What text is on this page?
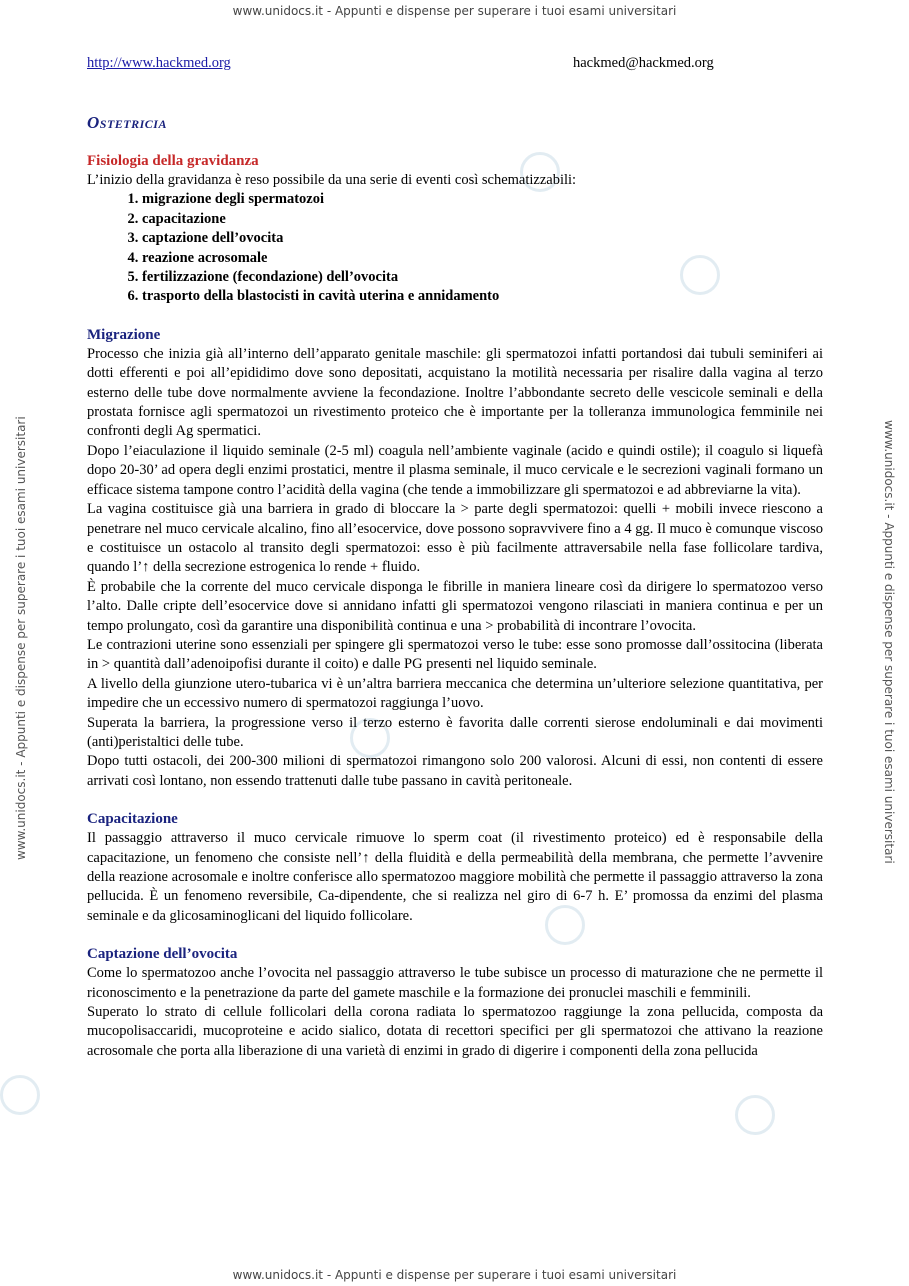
www.unidocs.it - Appunti e dispense per superare i tuoi esami universitari
www.unidocs.it - Appunti e dispense per superare i tuoi esami universitari
www.unidocs.it - Appunti e dispense per superare i tuoi esami universitari	www.unidocs.it - Appunti e dispense per superare i tuoi esami universitari
http://www.hackmed.org	hackmed@hackmed.org
Ostetricia
Fisiologia della gravidanza

L’inizio della gravidanza è reso possibile da una serie di eventi così schematizzabili:

1. migrazione degli spermatozoi
2. capacitazione
3. captazione dell’ovocita
4. reazione acrosomale
5. fertilizzazione (fecondazione) dell’ovocita
6. trasporto della blastocisti in cavità uterina e annidamento
Migrazione

Processo che inizia già all’interno dell’apparato genitale maschile: gli spermatozoi infatti portandosi dai tubuli seminiferi ai dotti efferenti e poi all’epididimo dove sono depositati, acquistano la motilità necessaria per risalire dalla vagina al terzo esterno delle tube dove normalmente avviene la fecondazione. Inoltre l’abbondante secreto delle vescicole seminali e della prostata fornisce agli spermatozoi un rivestimento proteico che è importante per la tolleranza immunologica femminile nei confronti degli Ag spermatici.

Dopo l’eiaculazione il liquido seminale (2-5 ml) coagula nell’ambiente vaginale (acido e quindi ostile); il coagulo si liquefà dopo 20-30’ ad opera degli enzimi prostatici, mentre il plasma seminale, il muco cervicale e le secrezioni vaginali formano un efficace sistema tampone contro l’acidità della vagina (che tende a immobilizzare gli spermatozoi e ad abbreviarne la vita).

La vagina costituisce già una barriera in grado di bloccare la > parte degli spermatozoi: quelli + mobili invece riescono a penetrare nel muco cervicale alcalino, fino all’esocervice, dove possono sopravvivere fino a 4 gg. Il muco è comunque viscoso e costituisce un ostacolo al transito degli spermatozoi: esso è più facilmente attraversabile nella fase follicolare tardiva, quando l’↑ della secrezione estrogenica lo rende + fluido.

È probabile che la corrente del muco cervicale disponga le fibrille in maniera lineare così da dirigere lo spermatozoo verso l’alto. Dalle cripte dell’esocervice dove si annidano infatti gli spermatozoi vengono rilasciati in maniera continua e per un tempo prolungato, così da garantire una disponibilità continua e una > probabilità di incontrare l’ovocita.

Le contrazioni uterine sono essenziali per spingere gli spermatozoi verso le tube: esse sono promosse dall’ossitocina (liberata in > quantità dall’adenoipofisi durante il coito) e dalle PG presenti nel liquido seminale.

A livello della giunzione utero-tubarica vi è un’altra barriera meccanica che determina un’ulteriore selezione quantitativa, per impedire che un eccessivo numero di spermatozoi raggiunga l’uovo.

Superata la barriera, la progressione verso il terzo esterno è favorita dalle correnti sierose endoluminali e dai movimenti (anti)peristaltici delle tube.

Dopo tutti ostacoli, dei 200-300 milioni di spermatozoi rimangono solo 200 valorosi. Alcuni di essi, non contenti di essere arrivati così lontano, non essendo trattenuti dalle tube passano in cavità peritoneale.

Capacitazione

Il passaggio attraverso il muco cervicale rimuove lo sperm coat (il rivestimento proteico) ed è responsabile della capacitazione, un fenomeno che consiste nell’↑ della fluidità e della permeabilità della membrana, che permette l’avvenire della reazione acrosomale e inoltre conferisce allo spermatozoo maggiore mobilità che permette il passaggio attraverso la zona pellucida. È un fenomeno reversibile, Ca-dipendente, che si realizza nel giro di 6-7 h. E’ promossa da enzimi del plasma seminale e da glicosaminoglicani del liquido follicolare.

Captazione dell’ovocita

Come lo spermatozoo anche l’ovocita nel passaggio attraverso le tube subisce un processo di maturazione che ne permette il riconoscimento e la penetrazione da parte del gamete maschile e la formazione dei pronuclei maschili e femminili.

Superato lo strato di cellule follicolari della corona radiata lo spermatozoo raggiunge la zona pellucida, composta da mucopolisaccaridi, mucoproteine e acido sialico, dotata di recettori specifici per gli spermatozoi che attivano la reazione acrosomale che porta alla liberazione di una varietà di enzimi in grado di digerire i componenti della zona pellucida
